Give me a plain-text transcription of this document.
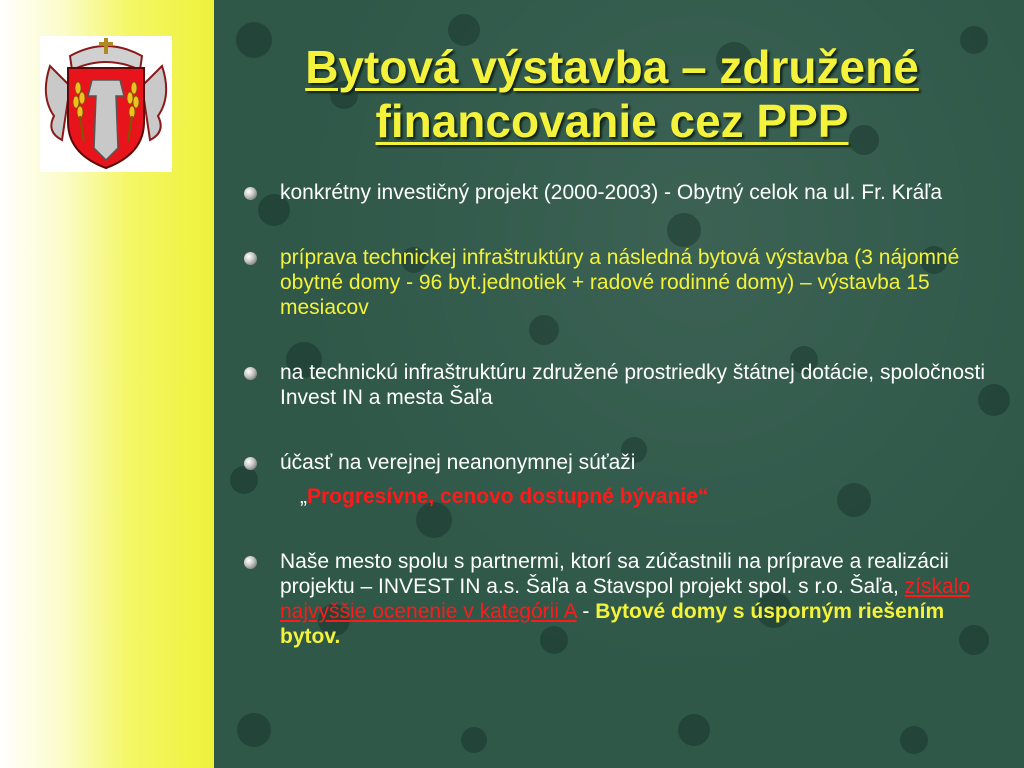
Bytová výstavba – združené
financovanie cez PPP
konkrétny investičný projekt (2000-2003) - Obytný celok na ul. Fr. Kráľa
príprava technickej infraštruktúry a následná bytová výstavba (3 nájomné obytné domy - 96 byt.jednotiek + radové rodinné domy) – výstavba 15 mesiacov
na technickú infraštruktúru združené prostriedky štátnej dotácie, spoločnosti Invest IN a mesta Šaľa
účasť na verejnej neanonymnej súťaži
„Progresívne, cenovo dostupné bývanie“
Naše mesto spolu s partnermi, ktorí sa zúčastnili na príprave a realizácii projektu – INVEST IN a.s. Šaľa a Stavspol projekt spol. s r.o. Šaľa, získalo najvyššie ocenenie v kategórii A - Bytové domy s úsporným riešením bytov.
